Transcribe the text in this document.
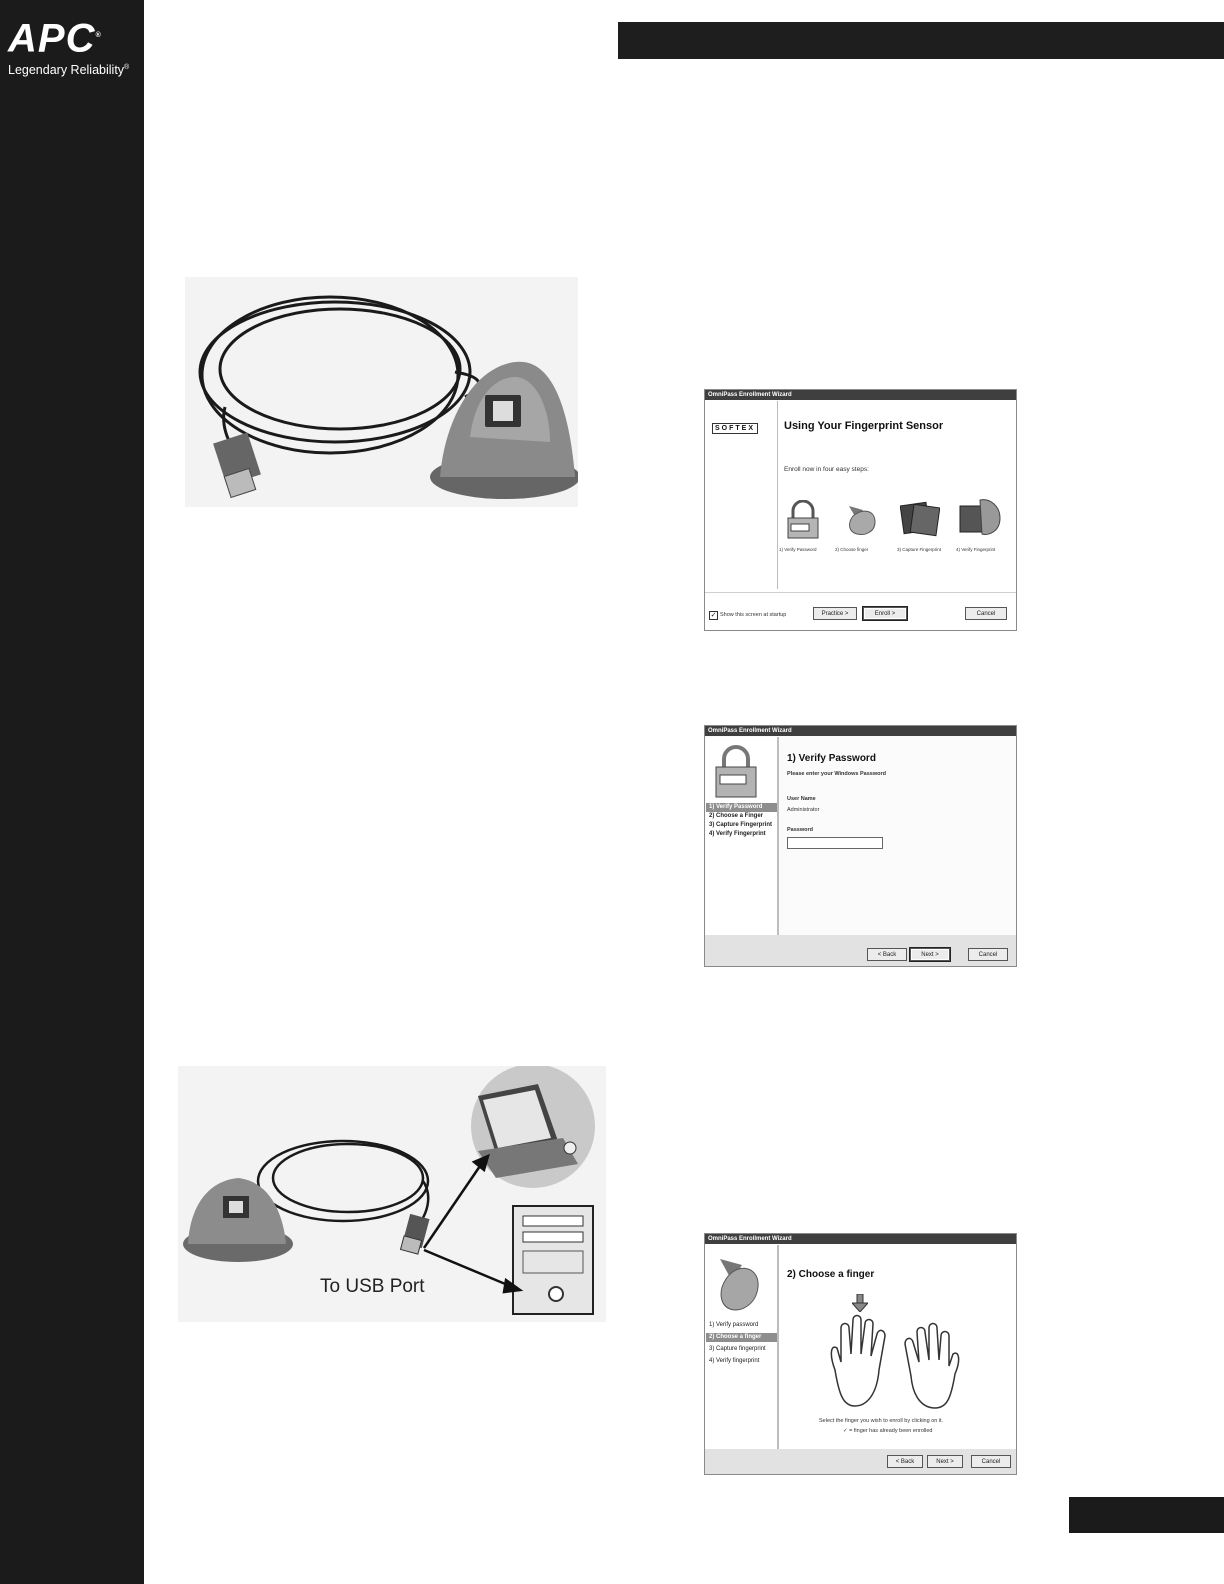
APC®
Legendary Reliability®
To USB Port
OmniPass Enrollment Wizard
SOFTEX	Using Your Fingerprint Sensor
Enroll now in four easy steps:
1) Verify Password	2) Choose finger	3) Capture Fingerprint	4) Verify Fingerprint
✓ Show this screen at startup	Practice >	Enroll >	Cancel
OmniPass Enrollment Wizard
1) Verify Password
2) Choose a Finger
3) Capture Fingerprint
4) Verify Fingerprint
1) Verify Password
Please enter your Windows Password
User Name
Administrator
Password
< Back	Next >	Cancel
OmniPass Enrollment Wizard
1) Verify password
2) Choose a finger
3) Capture fingerprint
4) Verify fingerprint
2) Choose a finger
Select the finger you wish to enroll by clicking on it.
✓ = finger has already been enrolled
< Back	Next >	Cancel
